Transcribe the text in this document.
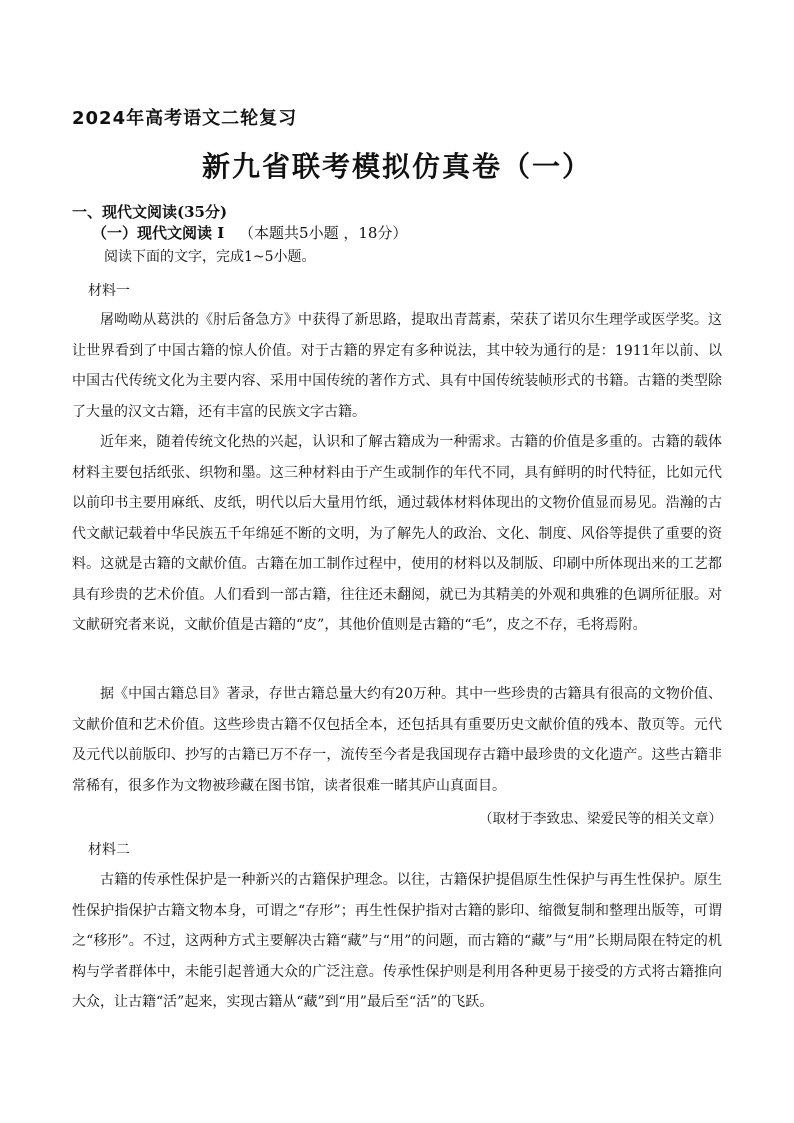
2024年高考语文二轮复习
新九省联考模拟仿真卷（一）
一、现代文阅读(35分)
（一）现代文阅读 Ⅰ （本题共5小题 ，18分）
阅读下面的文字，完成1~5小题。
材料一
屠呦呦从葛洪的《肘后备急方》中获得了新思路，提取出青蒿素，荣获了诺贝尔生理学或医学奖。这让世界看到了中国古籍的惊人价值。对于古籍的界定有多种说法，其中较为通行的是：1911年以前、以中国古代传统文化为主要内容、采用中国传统的著作方式、具有中国传统装帧形式的书籍。古籍的类型除了大量的汉文古籍，还有丰富的民族文字古籍。
近年来，随着传统文化热的兴起，认识和了解古籍成为一种需求。古籍的价值是多重的。古籍的载体材料主要包括纸张、织物和墨。这三种材料由于产生或制作的年代不同，具有鲜明的时代特征，比如元代以前印书主要用麻纸、皮纸，明代以后大量用竹纸，通过载体材料体现出的文物价值显而易见。浩瀚的古代文献记载着中华民族五千年绵延不断的文明，为了解先人的政治、文化、制度、风俗等提供了重要的资料。这就是古籍的文献价值。古籍在加工制作过程中，使用的材料以及制版、印刷中所体现出来的工艺都具有珍贵的艺术价值。人们看到一部古籍，往往还未翻阅，就已为其精美的外观和典雅的色调所征服。对文献研究者来说，文献价值是古籍的“皮”，其他价值则是古籍的“毛”，皮之不存，毛将焉附。
据《中国古籍总目》著录，存世古籍总量大约有20万种。其中一些珍贵的古籍具有很高的文物价值、文献价值和艺术价值。这些珍贵古籍不仅包括全本，还包括具有重要历史文献价值的残本、散页等。元代及元代以前版印、抄写的古籍已万不存一，流传至今者是我国现存古籍中最珍贵的文化遗产。这些古籍非常稀有，很多作为文物被珍藏在图书馆，读者很难一睹其庐山真面目。
（取材于李致忠、梁爱民等的相关文章）
材料二
古籍的传承性保护是一种新兴的古籍保护理念。以往，古籍保护提倡原生性保护与再生性保护。原生性保护指保护古籍文物本身，可谓之“存形”；再生性保护指对古籍的影印、缩微复制和整理出版等，可谓之“移形”。不过，这两种方式主要解决古籍“藏”与“用”的问题，而古籍的“藏”与“用”长期局限在特定的机构与学者群体中，未能引起普通大众的广泛注意。传承性保护则是利用各种更易于接受的方式将古籍推向大众，让古籍“活”起来，实现古籍从“藏”到“用”最后至“活”的飞跃。
